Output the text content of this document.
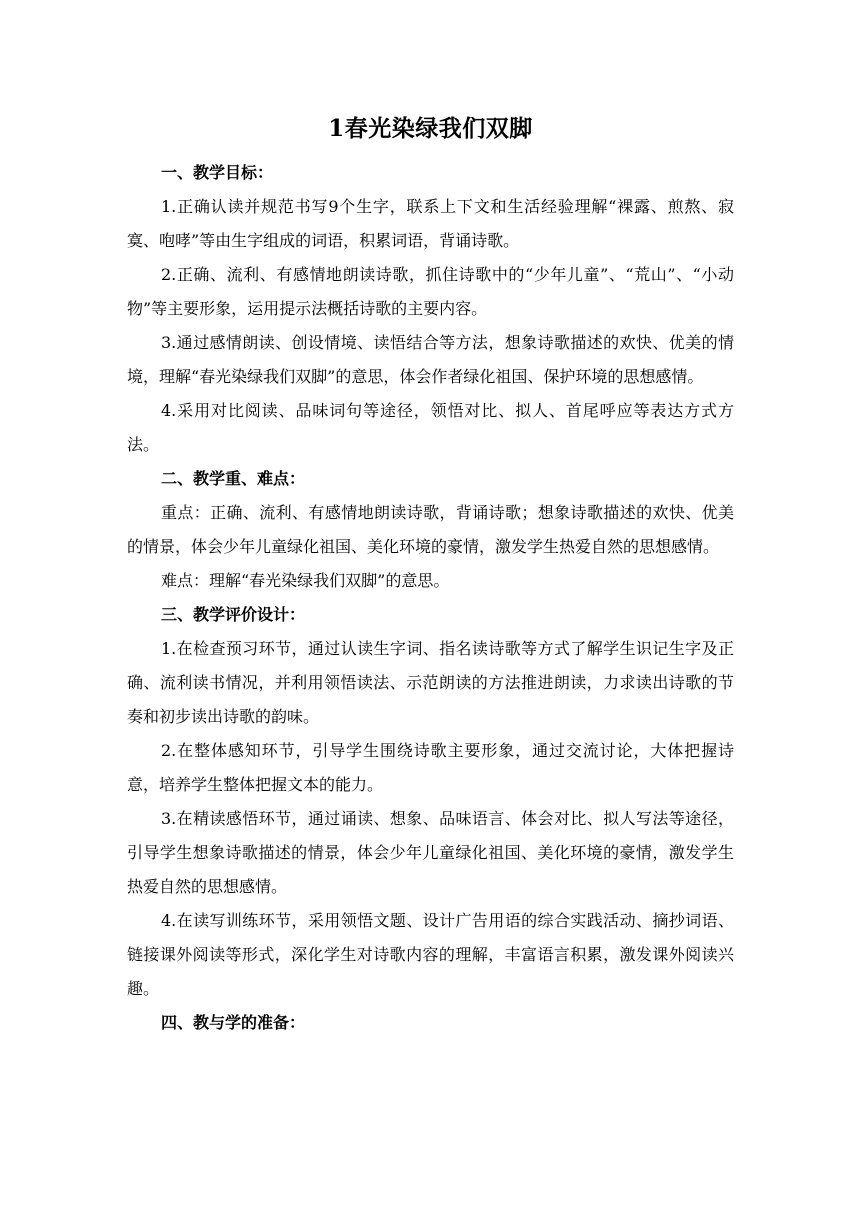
1春光染绿我们双脚

一、教学目标：

1.正确认读并规范书写9个生字，联系上下文和生活经验理解“裸露、煎熬、寂寞、咆哮”等由生字组成的词语，积累词语，背诵诗歌。

2.正确、流利、有感情地朗读诗歌，抓住诗歌中的“少年儿童”、“荒山”、“小动物”等主要形象，运用提示法概括诗歌的主要内容。

3.通过感情朗读、创设情境、读悟结合等方法，想象诗歌描述的欢快、优美的情境，理解“春光染绿我们双脚”的意思，体会作者绿化祖国、保护环境的思想感情。

4.采用对比阅读、品味词句等途径，领悟对比、拟人、首尾呼应等表达方式方法。

二、教学重、难点：

重点：正确、流利、有感情地朗读诗歌，背诵诗歌；想象诗歌描述的欢快、优美的情景，体会少年儿童绿化祖国、美化环境的豪情，激发学生热爱自然的思想感情。

难点：理解“春光染绿我们双脚”的意思。

三、教学评价设计：

1.在检查预习环节，通过认读生字词、指名读诗歌等方式了解学生识记生字及正确、流利读书情况，并利用领悟读法、示范朗读的方法推进朗读，力求读出诗歌的节奏和初步读出诗歌的韵味。

2.在整体感知环节，引导学生围绕诗歌主要形象，通过交流讨论，大体把握诗意，培养学生整体把握文本的能力。

3.在精读感悟环节，通过诵读、想象、品味语言、体会对比、拟人写法等途径，引导学生想象诗歌描述的情景，体会少年儿童绿化祖国、美化环境的豪情，激发学生热爱自然的思想感情。

4.在读写训练环节，采用领悟文题、设计广告用语的综合实践活动、摘抄词语、链接课外阅读等形式，深化学生对诗歌内容的理解，丰富语言积累，激发课外阅读兴趣。

四、教与学的准备：
